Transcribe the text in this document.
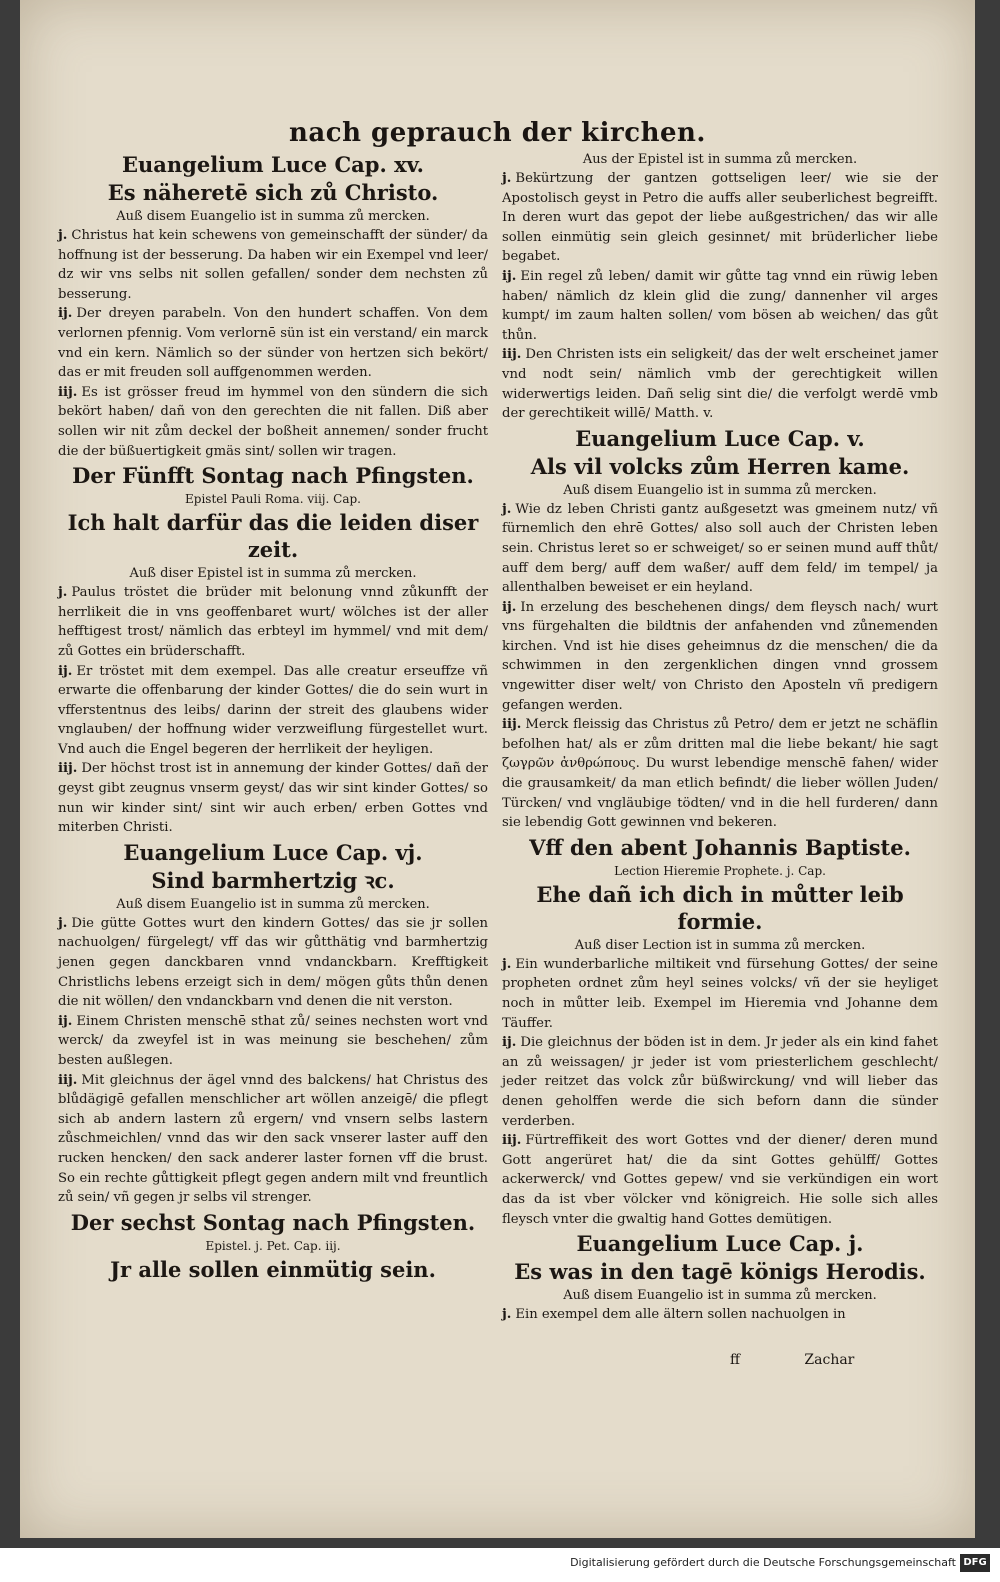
nach geprauch der kirchen.
Euangelium Luce Cap. xv.
Es näheretē sich zů Christo.
Auß disem Euangelio ist in summa zů mercken.
j. Christus hat kein schewens von gemeinschafft der sünder/ da hoffnung ist der besserung. Da haben wir ein Exempel vnd leer/ dz wir vns selbs nit sollen gefallen/ sonder dem nechsten zů besserung.
ij. Der dreyen parabeln. Von den hundert schaffen. Von dem verlornen pfennig. Vom verlornē sün ist ein verstand/ ein marck vnd ein kern. Nämlich so der sünder von hertzen sich bekört/ das er mit freuden soll auffgenommen werden.
iij. Es ist grösser freud im hymmel von den sündern die sich bekört haben/ dañ von den gerechten die nit fallen. Diß aber sollen wir nit zům deckel der boßheit annemen/ sonder frucht die der büßuertigkeit gmäs sint/ sollen wir tragen.
Der Fünfft Sontag nach Pfingsten.
Epistel Pauli Roma. viij. Cap.
Ich halt darfür das die leiden diser zeit.
Auß diser Epistel ist in summa zů mercken.
j. Paulus tröstet die brüder mit belonung vnnd zůkunfft der herrlikeit die in vns geoffenbaret wurt/ wölches ist der aller hefftigest trost/ nämlich das erbteyl im hymmel/ vnd mit dem/ zů Gottes ein brüderschafft.
ij. Er tröstet mit dem exempel. Das alle creatur erseuffze vñ erwarte die offenbarung der kinder Gottes/ die do sein wurt in vfferstentnus des leibs/ darinn der streit des glaubens wider vnglauben/ der hoffnung wider verzweiflung fürgestellet wurt. Vnd auch die Engel begeren der herrlikeit der heyligen.
iij. Der höchst trost ist in annemung der kinder Gottes/ dañ der geyst gibt zeugnus vnserm geyst/ das wir sint kinder Gottes/ so nun wir kinder sint/ sint wir auch erben/ erben Gottes vnd miterben Christi.
Euangelium Luce Cap. vj.
Sind barmhertzig ꝛc.
Auß disem Euangelio ist in summa zů mercken.
j. Die gütte Gottes wurt den kindern Gottes/ das sie jr sollen nachuolgen/ fürgelegt/ vff das wir gůtthätig vnd barmhertzig jenen gegen danckbaren vnnd vndanckbarn. Krefftigkeit Christlichs lebens erzeigt sich in dem/ mögen gůts thůn denen die nit wöllen/ den vndanckbarn vnd denen die nit verston.
ij. Einem Christen menschē sthat zů/ seines nechsten wort vnd werck/ da zweyfel ist in was meinung sie beschehen/ zům besten außlegen.
iij. Mit gleichnus der ägel vnnd des balckens/ hat Christus des blůdägigē gefallen menschlicher art wöllen anzeigē/ die pflegt sich ab andern lastern zů ergern/ vnd vnsern selbs lastern zůschmeichlen/ vnnd das wir den sack vnserer laster auff den rucken hencken/ den sack anderer laster fornen vff die brust. So ein rechte gůttigkeit pflegt gegen andern milt vnd freuntlich zů sein/ vñ gegen jr selbs vil strenger.
Der sechst Sontag nach Pfingsten.
Epistel. j. Pet. Cap. iij.
Jr alle sollen einmütig sein.
Aus der Epistel ist in summa zů mercken.
j. Bekürtzung der gantzen gottseligen leer/ wie sie der Apostolisch geyst in Petro die auffs aller seuberlichest begreifft. In deren wurt das gepot der liebe außgestrichen/ das wir alle sollen einmütig sein gleich gesinnet/ mit brüderlicher liebe begabet.
ij. Ein regel zů leben/ damit wir gůtte tag vnnd ein rüwig leben haben/ nämlich dz klein glid die zung/ dannenher vil arges kumpt/ im zaum halten sollen/ vom bösen ab weichen/ das gůt thůn.
iij. Den Christen ists ein seligkeit/ das der welt erscheinet jamer vnd nodt sein/ nämlich vmb der gerechtigkeit willen widerwertigs leiden. Dañ selig sint die/ die verfolgt werdē vmb der gerechtikeit willē/ Matth. v.
Euangelium Luce Cap. v.
Als vil volcks zům Herren kame.
Auß disem Euangelio ist in summa zů mercken.
j. Wie dz leben Christi gantz außgesetzt was gmeinem nutz/ vñ fürnemlich den ehrē Gottes/ also soll auch der Christen leben sein. Christus leret so er schweiget/ so er seinen mund auff thůt/ auff dem berg/ auff dem waßer/ auff dem feld/ im tempel/ ja allenthalben beweiset er ein heyland.
ij. In erzelung des beschehenen dings/ dem fleysch nach/ wurt vns fürgehalten die bildtnis der anfahenden vnd zůnemenden kirchen. Vnd ist hie dises geheimnus dz die menschen/ die da schwimmen in den zergenklichen dingen vnnd grossem vngewitter diser welt/ von Christo den Aposteln vñ predigern gefangen werden.
iij. Merck fleissig das Christus zů Petro/ dem er jetzt ne schäflin befolhen hat/ als er zům dritten mal die liebe bekant/ hie sagt ζωγρῶν ἀνθρώπους. Du wurst lebendige menschē fahen/ wider die grausamkeit/ da man etlich befindt/ die lieber wöllen Juden/ Türcken/ vnd vngläubige tödten/ vnd in die hell furderen/ dann sie lebendig Gott gewinnen vnd bekeren.
Vff den abent Johannis Baptiste.
Lection Hieremie Prophete. j. Cap.
Ehe dañ ich dich in můtter leib formie.
Auß diser Lection ist in summa zů mercken.
j. Ein wunderbarliche miltikeit vnd fürsehung Gottes/ der seine propheten ordnet zům heyl seines volcks/ vñ der sie heyliget noch in můtter leib. Exempel im Hieremia vnd Johanne dem Täuffer.
ij. Die gleichnus der böden ist in dem. Jr jeder als ein kind fahet an zů weissagen/ jr jeder ist vom priesterlichem geschlecht/ jeder reitzet das volck zůr büßwirckung/ vnd will lieber das denen geholffen werde die sich beforn dann die sünder verderben.
iij. Fürtreffikeit des wort Gottes vnd der diener/ deren mund Gott angerüret hat/ die da sint Gottes gehülff/ Gottes ackerwerck/ vnd Gottes gepew/ vnd sie verkündigen ein wort das da ist vber völcker vnd königreich. Hie solle sich alles fleysch vnter die gwaltig hand Gottes demütigen.
Euangelium Luce Cap. j.
Es was in den tagē königs Herodis.
Auß disem Euangelio ist in summa zů mercken.
j. Ein exempel dem alle ältern sollen nachuolgen in
ff	Zachar
Digitalisierung gefördert durch die Deutsche Forschungsgemeinschaft DFG
